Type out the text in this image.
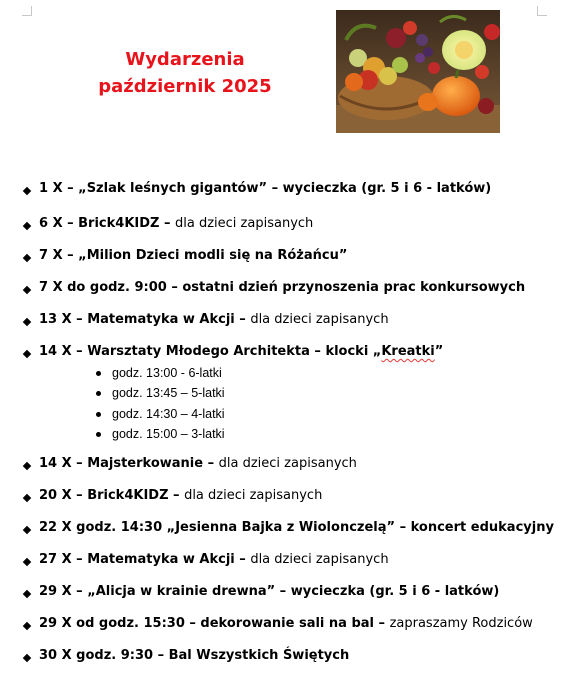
Wydarzenia
październik 2025
1 X – „Szlak leśnych gigantów” – wycieczka (gr. 5 i 6 - latków)
6 X – Brick4KIDZ – dla dzieci zapisanych
7 X – „Milion Dzieci modli się na Różańcu”
7 X do godz. 9:00 – ostatni dzień przynoszenia prac konkursowych
13 X – Matematyka w Akcji – dla dzieci zapisanych
14 X – Warsztaty Młodego Architekta – klocki „Kreatki”
godz. 13:00 - 6-latki
godz. 13:45 – 5-latki
godz. 14:30 – 4-latki
godz. 15:00 – 3-latki
14 X – Majsterkowanie – dla dzieci zapisanych
20 X – Brick4KIDZ – dla dzieci zapisanych
22 X godz. 14:30 „Jesienna Bajka z Wiolonczelą” – koncert edukacyjny
27 X – Matematyka w Akcji – dla dzieci zapisanych
29 X – „Alicja w krainie drewna” – wycieczka (gr. 5 i 6 - latków)
29 X od godz. 15:30 – dekorowanie sali na bal – zapraszamy Rodziców
30 X godz. 9:30 – Bal Wszystkich Świętych
